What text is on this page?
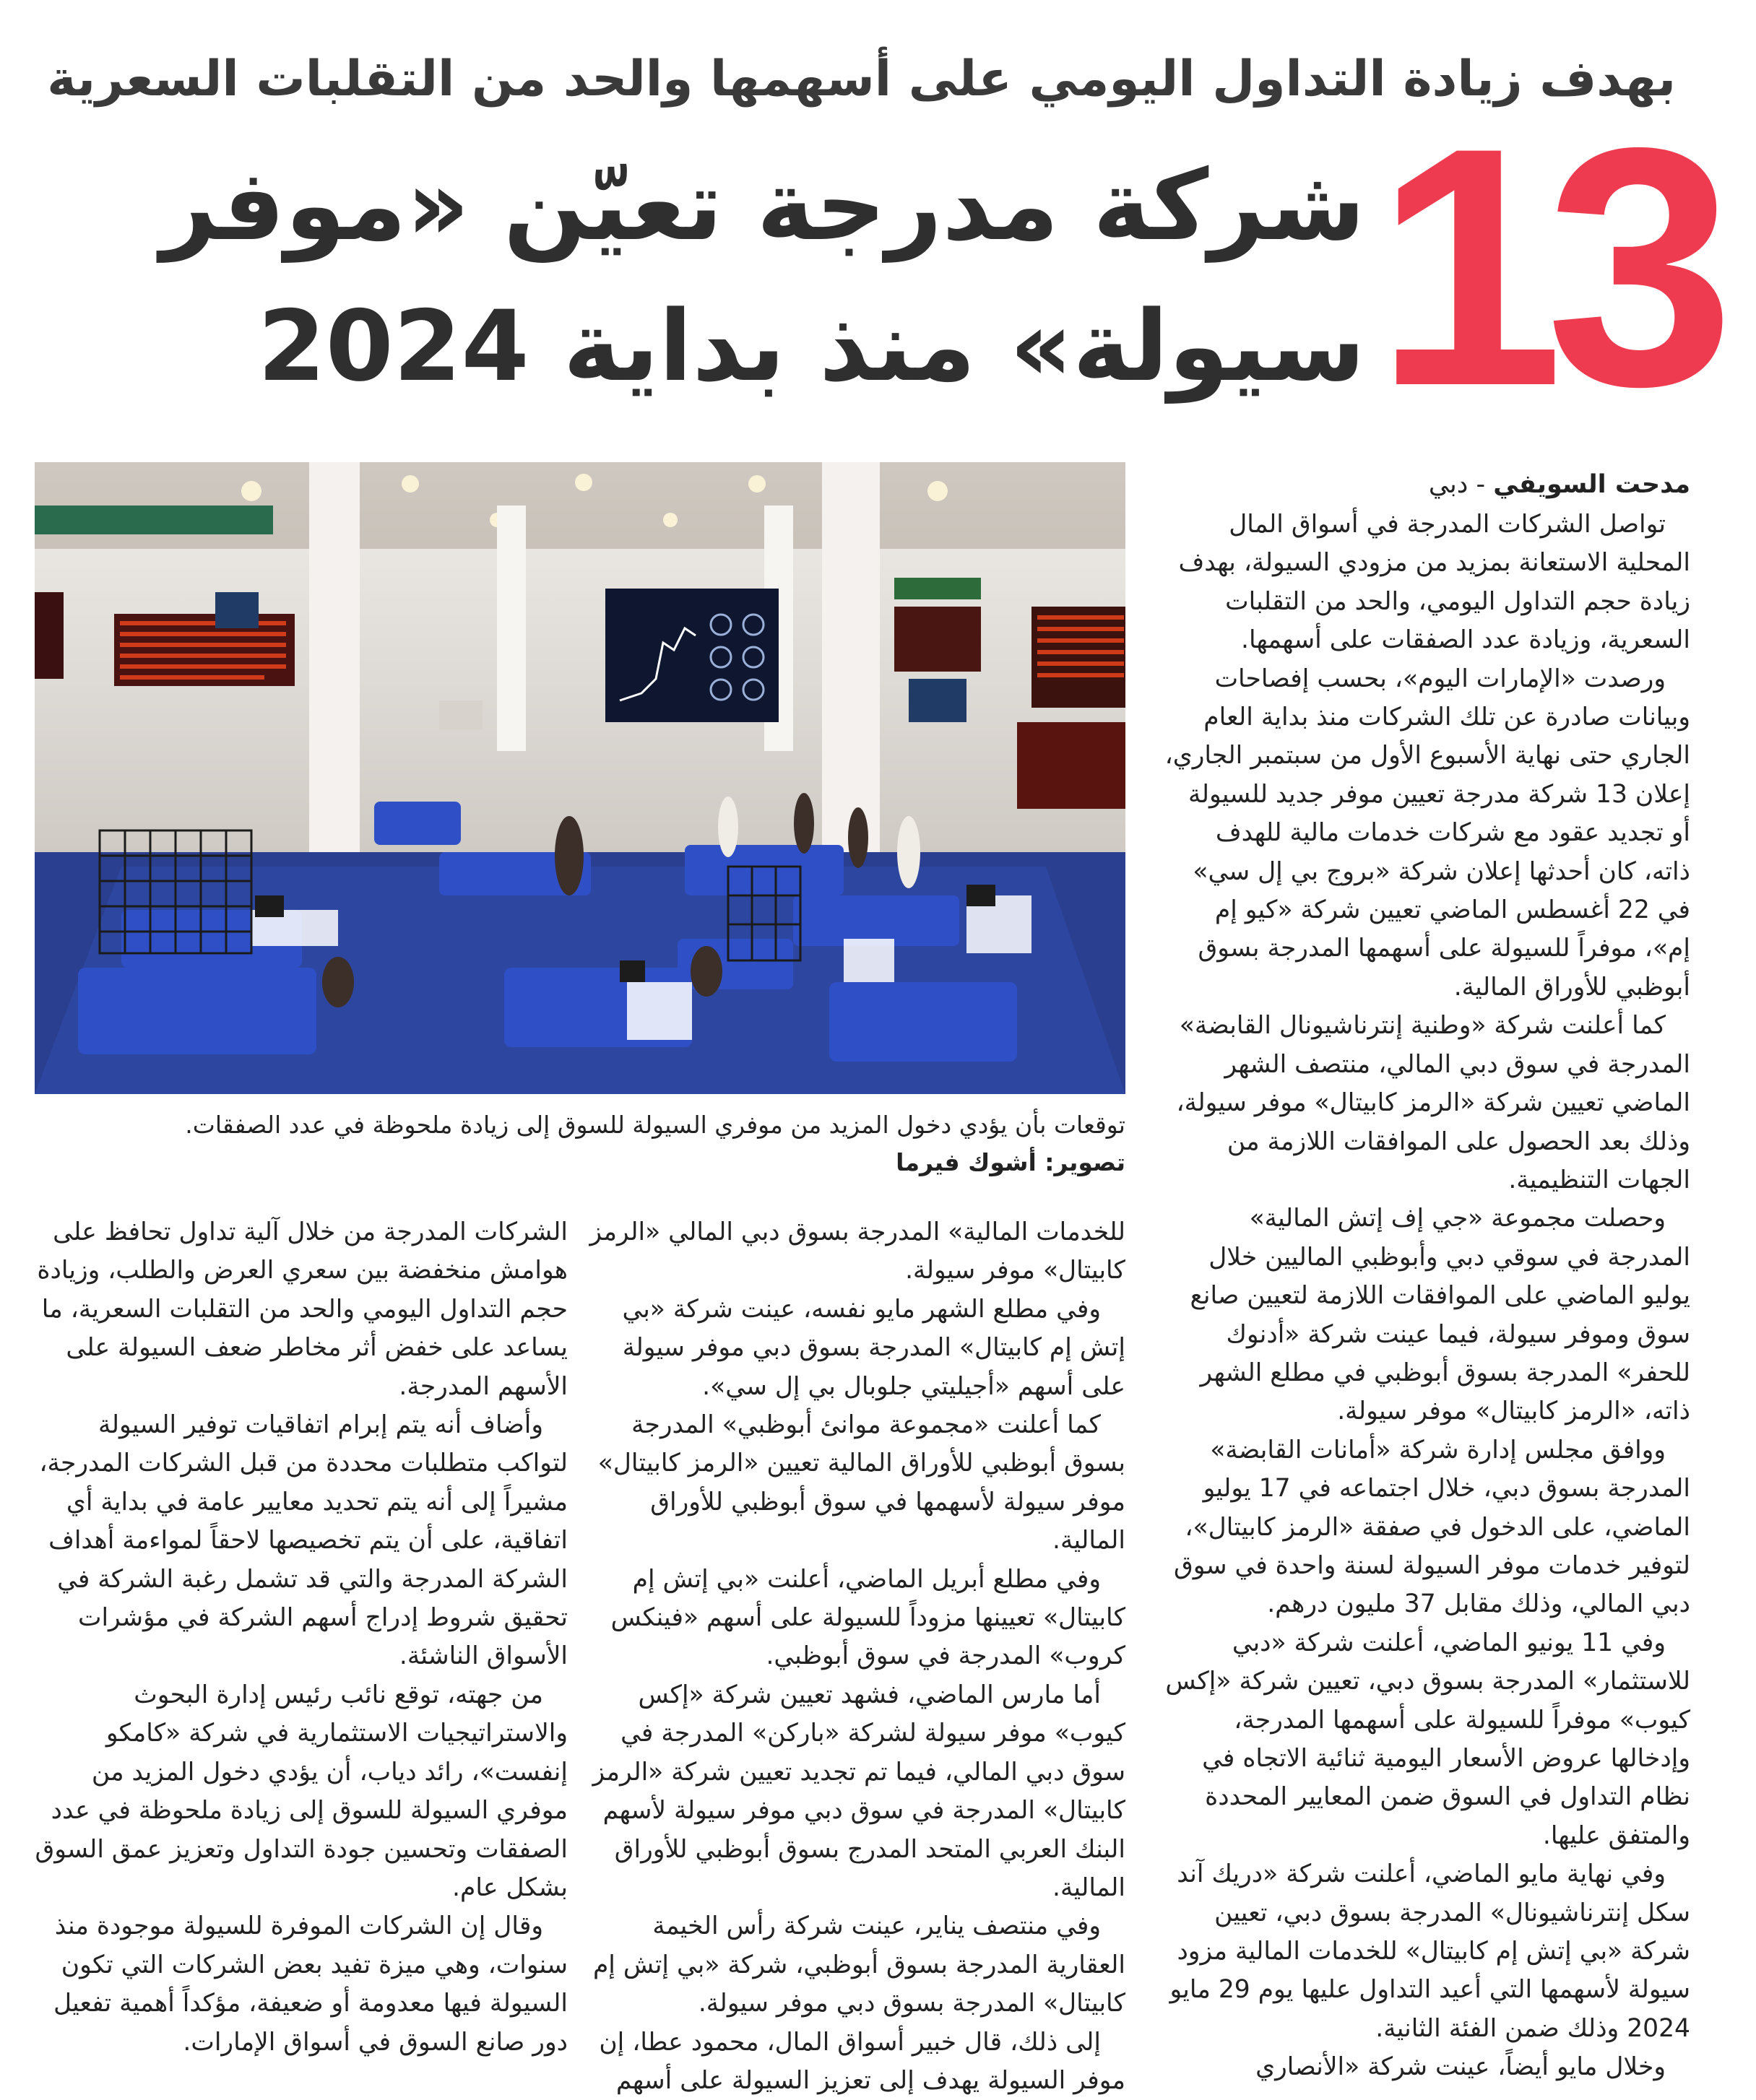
بهدف زيادة التداول اليومي على أسهمها والحد من التقلبات السعرية
13
شركة مدرجة تعيّن «موفر
سيولة» منذ بداية 2024
توقعات بأن يؤدي دخول المزيد من موفري السيولة للسوق إلى زيادة ملحوظة في عدد الصفقات.
تصوير: أشوك فيرما
مدحت السويفي - دبي

تواصل الشركات المدرجة في أسواق المال المحلية الاستعانة بمزيد من مزودي السيولة، بهدف زيادة حجم التداول اليومي، والحد من التقلبات السعرية، وزيادة عدد الصفقات على أسهمها.

ورصدت «الإمارات اليوم»، بحسب إفصاحات وبيانات صادرة عن تلك الشركات منذ بداية العام الجاري حتى نهاية الأسبوع الأول من سبتمبر الجاري، إعلان 13 شركة مدرجة تعيين موفر جديد للسيولة أو تجديد عقود مع شركات خدمات مالية للهدف ذاته، كان أحدثها إعلان شركة «بروج بي إل سي» في 22 أغسطس الماضي تعيين شركة «كيو إم إم»، موفراً للسيولة على أسهمها المدرجة بسوق أبوظبي للأوراق المالية.

كما أعلنت شركة «وطنية إنترناشيونال القابضة» المدرجة في سوق دبي المالي، منتصف الشهر الماضي تعيين شركة «الرمز كابيتال» موفر سيولة، وذلك بعد الحصول على الموافقات اللازمة من الجهات التنظيمية.

وحصلت مجموعة «جي إف إتش المالية» المدرجة في سوقي دبي وأبوظبي الماليين خلال يوليو الماضي على الموافقات اللازمة لتعيين صانع سوق وموفر سيولة، فيما عينت شركة «أدنوك للحفر» المدرجة بسوق أبوظبي في مطلع الشهر ذاته، «الرمز كابيتال» موفر سيولة.

ووافق مجلس إدارة شركة «أمانات القابضة» المدرجة بسوق دبي، خلال اجتماعه في 17 يوليو الماضي، على الدخول في صفقة «الرمز كابيتال»، لتوفير خدمات موفر السيولة لسنة واحدة في سوق دبي المالي، وذلك مقابل 37 مليون درهم.

وفي 11 يونيو الماضي، أعلنت شركة «دبي للاستثمار» المدرجة بسوق دبي، تعيين شركة «إكس كيوب» موفراً للسيولة على أسهمها المدرجة، وإدخالها عروض الأسعار اليومية ثنائية الاتجاه في نظام التداول في السوق ضمن المعايير المحددة والمتفق عليها.

وفي نهاية مايو الماضي، أعلنت شركة «دريك آند سكل إنترناشيونال» المدرجة بسوق دبي، تعيين شركة «بي إتش إم كابيتال» للخدمات المالية مزود سيولة لأسهمها التي أعيد التداول عليها يوم 29 مايو 2024 وذلك ضمن الفئة الثانية.

وخلال مايو أيضاً، عينت شركة «الأنصاري

للخدمات المالية» المدرجة بسوق دبي المالي «الرمز كابيتال» موفر سيولة.

وفي مطلع الشهر مايو نفسه، عينت شركة «بي إتش إم كابيتال» المدرجة بسوق دبي موفر سيولة على أسهم «أجيليتي جلوبال بي إل سي».

كما أعلنت «مجموعة موانئ أبوظبي» المدرجة بسوق أبوظبي للأوراق المالية تعيين «الرمز كابيتال» موفر سيولة لأسهمها في سوق أبوظبي للأوراق المالية.

وفي مطلع أبريل الماضي، أعلنت «بي إتش إم كابيتال» تعيينها مزوداً للسيولة على أسهم «فينكس كروب» المدرجة في سوق أبوظبي.

أما مارس الماضي، فشهد تعيين شركة «إكس كيوب» موفر سيولة لشركة «باركن» المدرجة في سوق دبي المالي، فيما تم تجديد تعيين شركة «الرمز كابيتال» المدرجة في سوق دبي موفر سيولة لأسهم البنك العربي المتحد المدرج بسوق أبوظبي للأوراق المالية.

وفي منتصف يناير، عينت شركة رأس الخيمة العقارية المدرجة بسوق أبوظبي، شركة «بي إتش إم كابيتال» المدرجة بسوق دبي موفر سيولة.

إلى ذلك، قال خبير أسواق المال، محمود عطا، إن موفر السيولة يهدف إلى تعزيز السيولة على أسهم

الشركات المدرجة من خلال آلية تداول تحافظ على هوامش منخفضة بين سعري العرض والطلب، وزيادة حجم التداول اليومي والحد من التقلبات السعرية، ما يساعد على خفض أثر مخاطر ضعف السيولة على الأسهم المدرجة.

وأضاف أنه يتم إبرام اتفاقيات توفير السيولة لتواكب متطلبات محددة من قبل الشركات المدرجة، مشيراً إلى أنه يتم تحديد معايير عامة في بداية أي اتفاقية، على أن يتم تخصيصها لاحقاً لمواءمة أهداف الشركة المدرجة والتي قد تشمل رغبة الشركة في تحقيق شروط إدراج أسهم الشركة في مؤشرات الأسواق الناشئة.

من جهته، توقع نائب رئيس إدارة البحوث والاستراتيجيات الاستثمارية في شركة «كامكو إنفست»، رائد دياب، أن يؤدي دخول المزيد من موفري السيولة للسوق إلى زيادة ملحوظة في عدد الصفقات وتحسين جودة التداول وتعزيز عمق السوق بشكل عام.

وقال إن الشركات الموفرة للسيولة موجودة منذ سنوات، وهي ميزة تفيد بعض الشركات التي تكون السيولة فيها معدومة أو ضعيفة، مؤكداً أهمية تفعيل دور صانع السوق في أسواق الإمارات.
